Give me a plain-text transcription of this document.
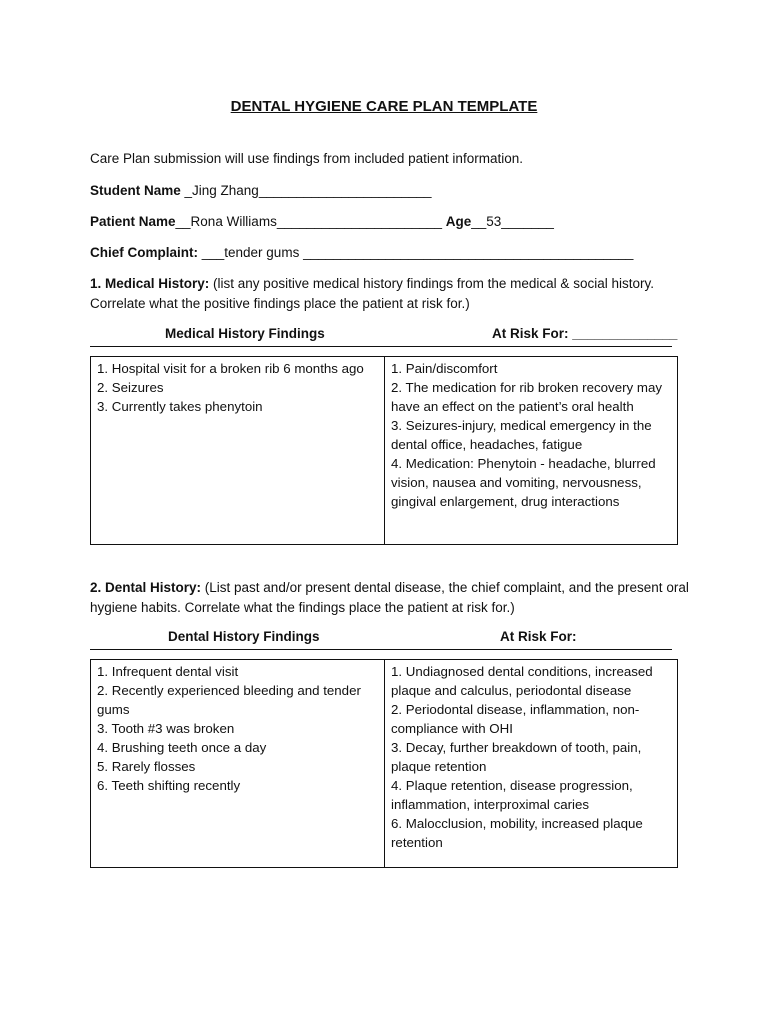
DENTAL HYGIENE CARE PLAN TEMPLATE
Care Plan submission will use findings from included patient information.
Student Name _Jing Zhang_______________________
Patient Name__Rona Williams______________________ Age__53_______
Chief Complaint: ___tender gums ____________________________________________
1. Medical History: (list any positive medical history findings from the medical & social history. Correlate what the positive findings place the patient at risk for.)
Medical History Findings	At Risk For: ______________
1. Hospital visit for a broken rib 6 months ago
2. Seizures
3. Currently takes phenytoin

1. Pain/discomfort
2. The medication for rib broken recovery may have an effect on the patient’s oral health
3. Seizures-injury, medical emergency in the dental office, headaches, fatigue
4. Medication: Phenytoin - headache, blurred vision, nausea and vomiting, nervousness, gingival enlargement, drug interactions
2. Dental History: (List past and/or present dental disease, the chief complaint, and the present oral hygiene habits. Correlate what the findings place the patient at risk for.)
Dental History Findings	At Risk For:
1. Infrequent dental visit
2. Recently experienced bleeding and tender gums
3. Tooth #3 was broken
4. Brushing teeth once a day
5. Rarely flosses
6. Teeth shifting recently

1. Undiagnosed dental conditions, increased plaque and calculus, periodontal disease
2. Periodontal disease, inflammation, non-compliance with OHI
3. Decay, further breakdown of tooth, pain, plaque retention
4. Plaque retention, disease progression, inflammation, interproximal caries
6. Malocclusion, mobility, increased plaque retention
